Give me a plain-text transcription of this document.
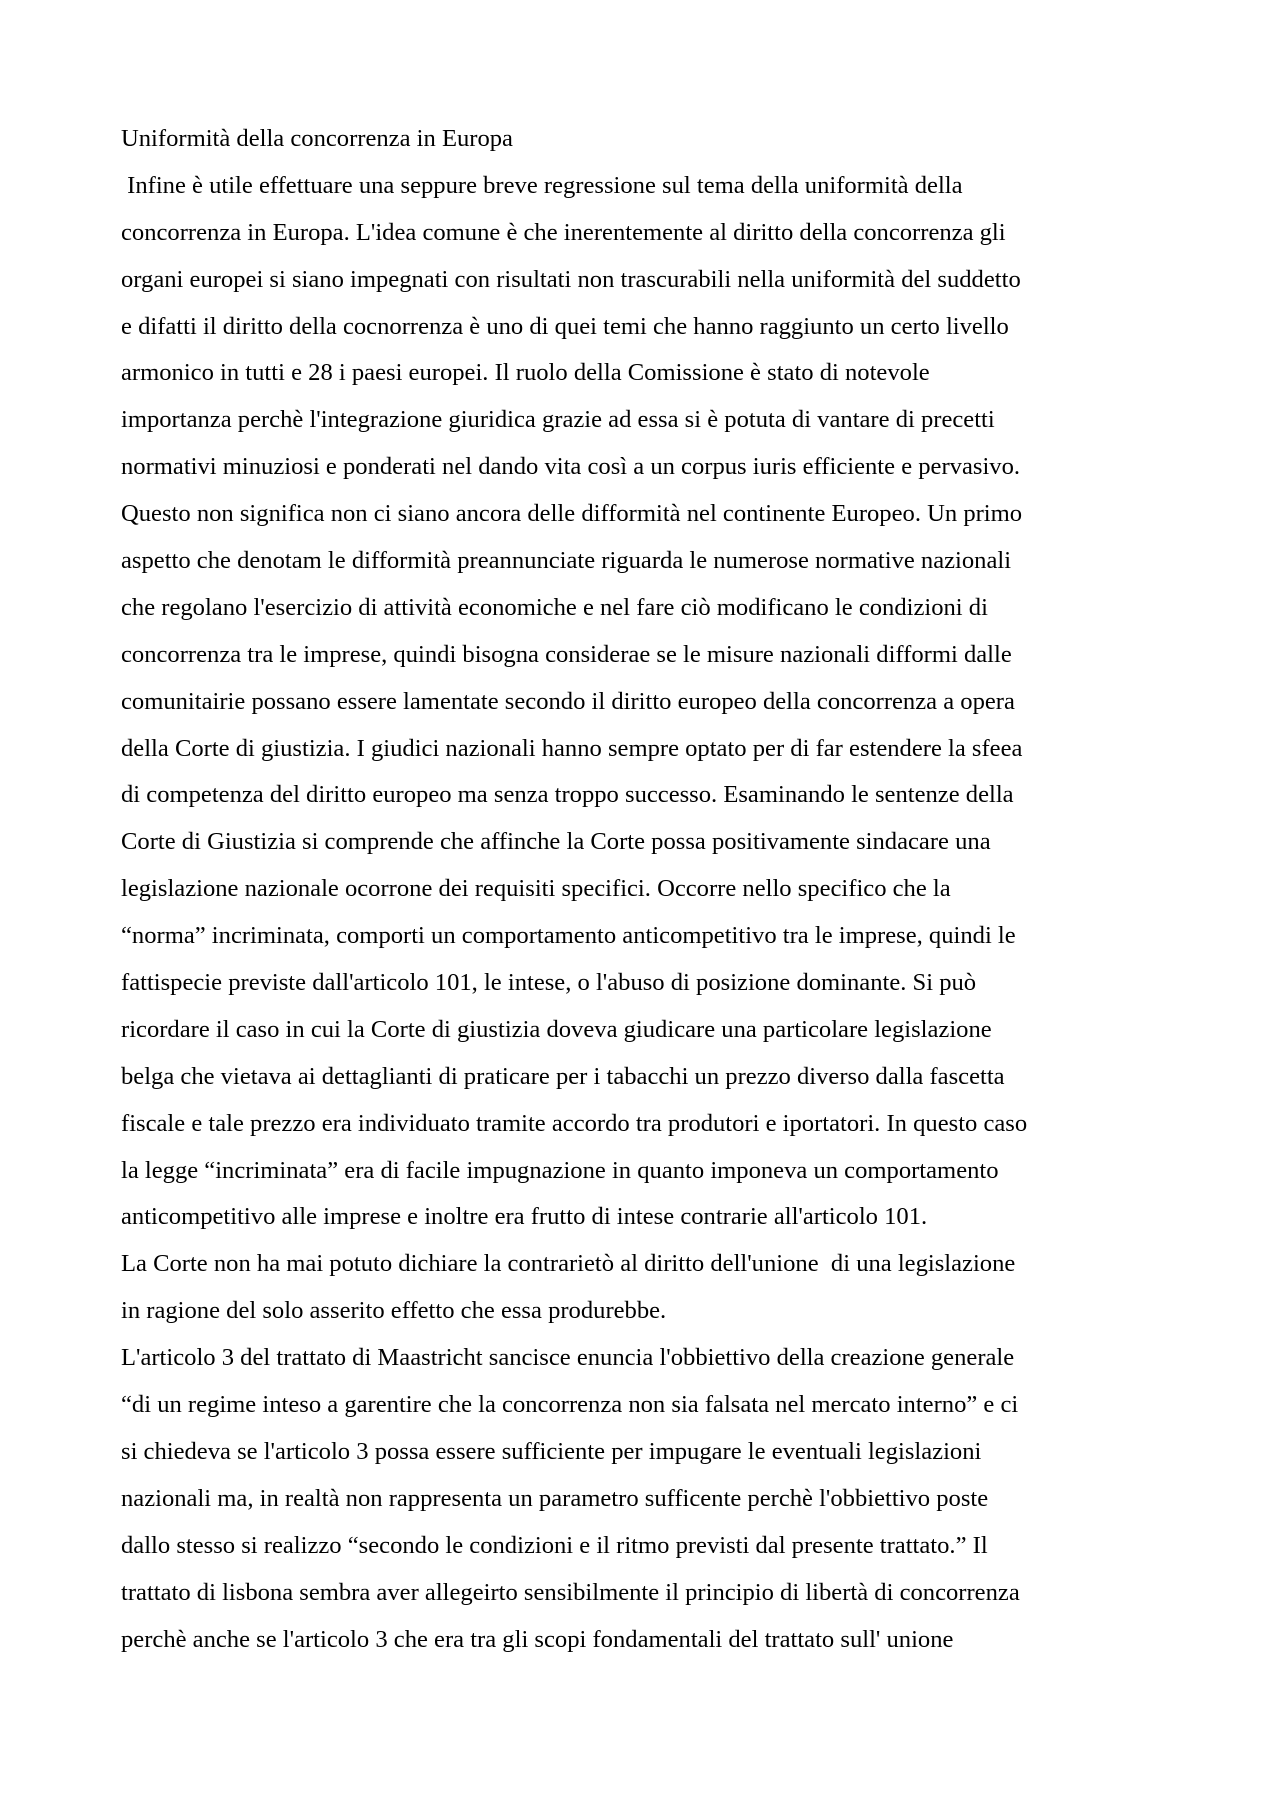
Uniformità della concorrenza in Europa
Infine è utile effettuare una seppure breve regressione sul tema della uniformità della
concorrenza in Europa. L'idea comune è che inerentemente al diritto della concorrenza gli
organi europei si siano impegnati con risultati non trascurabili nella uniformità del suddetto
e difatti il diritto della cocnorrenza è uno di quei temi che hanno raggiunto un certo livello
armonico in tutti e 28 i paesi europei. Il ruolo della Comissione è stato di notevole
importanza perchè l'integrazione giuridica grazie ad essa si è potuta di vantare di precetti
normativi minuziosi e ponderati nel dando vita così a un corpus iuris efficiente e pervasivo.
Questo non significa non ci siano ancora delle difformità nel continente Europeo. Un primo
aspetto che denotam le difformità preannunciate riguarda le numerose normative nazionali
che regolano l'esercizio di attività economiche e nel fare ciò modificano le condizioni di
concorrenza tra le imprese, quindi bisogna considerae se le misure nazionali difformi dalle
comunitairie possano essere lamentate secondo il diritto europeo della concorrenza a opera
della Corte di giustizia. I giudici nazionali hanno sempre optato per di far estendere la sfeea
di competenza del diritto europeo ma senza troppo successo. Esaminando le sentenze della
Corte di Giustizia si comprende che affinche la Corte possa positivamente sindacare una
legislazione nazionale ocorrone dei requisiti specifici. Occorre nello specifico che la
“norma” incriminata, comporti un comportamento anticompetitivo tra le imprese, quindi le
fattispecie previste dall'articolo 101, le intese, o l'abuso di posizione dominante. Si può
ricordare il caso in cui la Corte di giustizia doveva giudicare una particolare legislazione
belga che vietava ai dettaglianti di praticare per i tabacchi un prezzo diverso dalla fascetta
fiscale e tale prezzo era individuato tramite accordo tra produtori e iportatori. In questo caso
la legge “incriminata” era di facile impugnazione in quanto imponeva un comportamento
anticompetitivo alle imprese e inoltre era frutto di intese contrarie all'articolo 101.
La Corte non ha mai potuto dichiare la contrarietò al diritto dell'unione  di una legislazione
in ragione del solo asserito effetto che essa produrebbe.
L'articolo 3 del trattato di Maastricht sancisce enuncia l'obbiettivo della creazione generale
“di un regime inteso a garentire che la concorrenza non sia falsata nel mercato interno” e ci
si chiedeva se l'articolo 3 possa essere sufficiente per impugare le eventuali legislazioni
nazionali ma, in realtà non rappresenta un parametro sufficente perchè l'obbiettivo poste
dallo stesso si realizzo “secondo le condizioni e il ritmo previsti dal presente trattato.” Il
trattato di lisbona sembra aver allegeirto sensibilmente il principio di libertà di concorrenza
perchè anche se l'articolo 3 che era tra gli scopi fondamentali del trattato sull' unione
